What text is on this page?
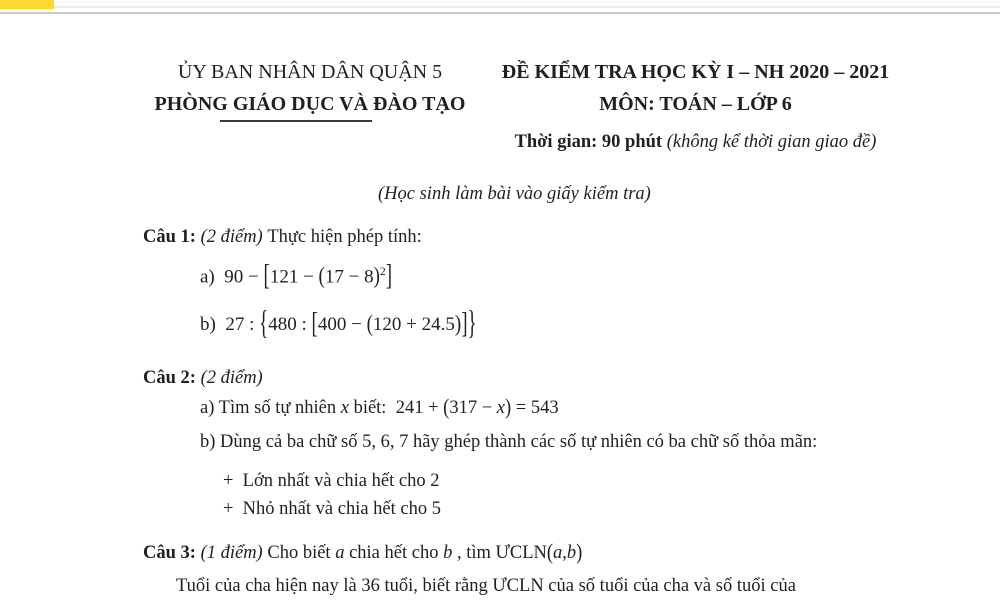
ỦY BAN NHÂN DÂN QUẬN 5
PHÒNG GIÁO DỤC VÀ ĐÀO TẠO
ĐỀ KIỂM TRA HỌC KỲ I – NH 2020 – 2021
MÔN: TOÁN – LỚP 6
Thời gian: 90 phút (không kể thời gian giao đề)
(Học sinh làm bài vào giấy kiểm tra)
Câu 1: (2 điểm) Thực hiện phép tính:
a)  $90 - [121 - (17 - 8)^2]$
b)  27 : {480 : [400 − (120 + 24.5)]}
Câu 2: (2 điểm)
a) Tìm số tự nhiên x biết:  241 + (317 − x) = 543
b) Dùng cả ba chữ số 5, 6, 7 hãy ghép thành các số tự nhiên có ba chữ số thỏa mãn:
+  Lớn nhất và chia hết cho 2
+  Nhỏ nhất và chia hết cho 5
Câu 3: (1 điểm) Cho biết a chia hết cho b , tìm ƯCLN(a,b)
Tuổi của cha hiện nay là 36 tuổi, biết rằng ƯCLN của số tuổi của cha và số tuổi của
